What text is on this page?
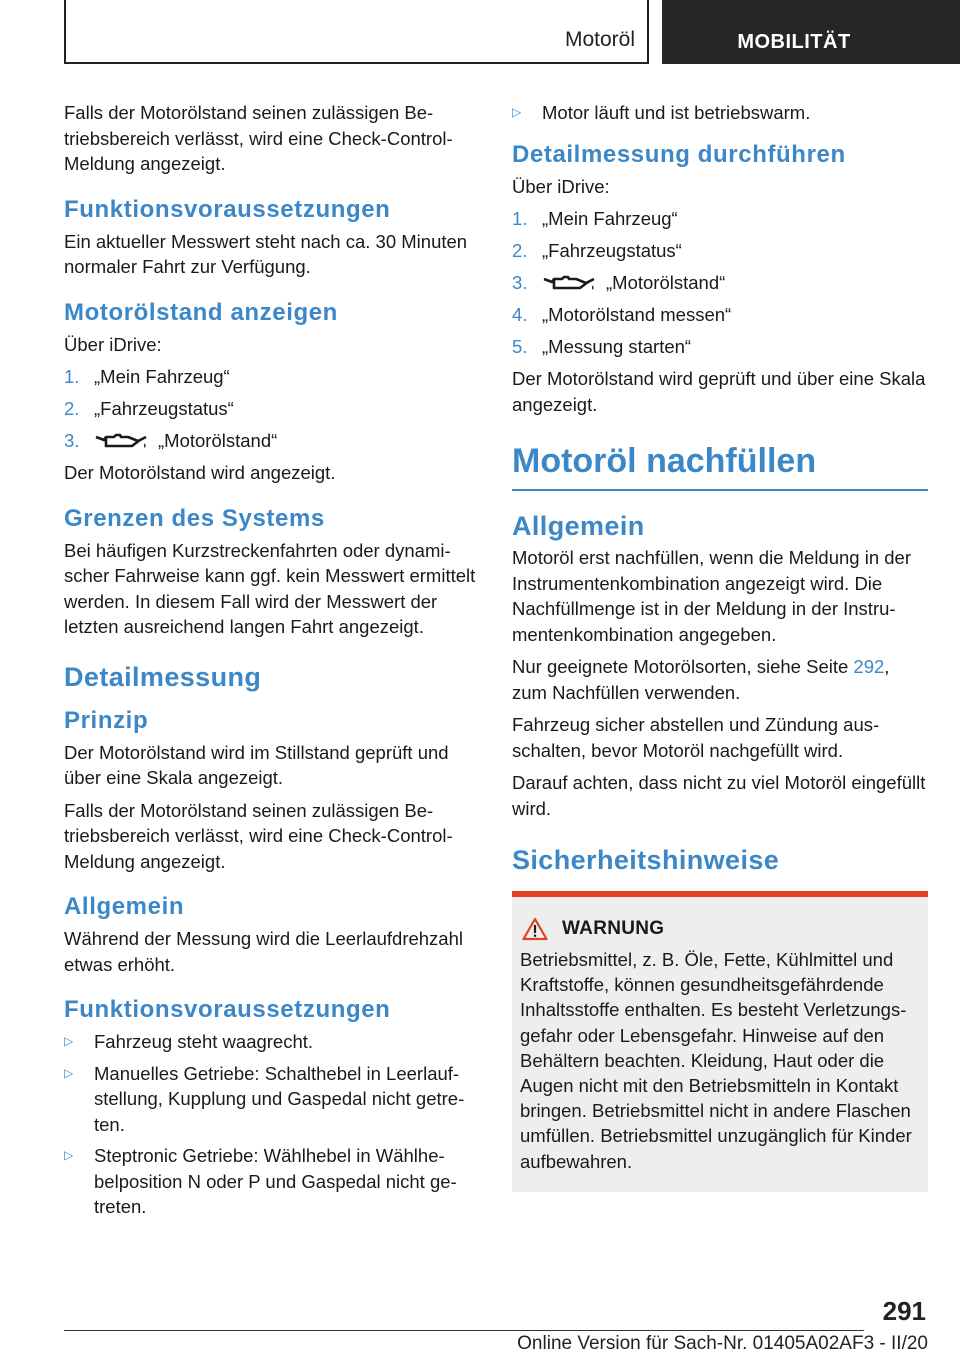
Motoröl	MOBILITÄT

Falls der Motorölstand seinen zulässigen Betriebsbereich verlässt, wird eine Check-Control-Meldung angezeigt.

Funktionsvoraussetzungen

Ein aktueller Messwert steht nach ca. 30 Minuten normaler Fahrt zur Verfügung.

Motorölstand anzeigen

Über iDrive:

1. „Mein Fahrzeug“
2. „Fahrzeugstatus“
3.	„Motorölstand“

Der Motorölstand wird angezeigt.

Grenzen des Systems

Bei häufigen Kurzstreckenfahrten oder dynamischer Fahrweise kann ggf. kein Messwert ermittelt werden. In diesem Fall wird der Messwert der letzten ausreichend langen Fahrt angezeigt.

Detailmessung
Prinzip

Der Motorölstand wird im Stillstand geprüft und über eine Skala angezeigt.

Falls der Motorölstand seinen zulässigen Betriebsbereich verlässt, wird eine Check-Control-Meldung angezeigt.

Allgemein

Während der Messung wird die Leerlaufdrehzahl etwas erhöht.

Funktionsvoraussetzungen
▷	Fahrzeug steht waagrecht.
▷	Manuelles Getriebe: Schalthebel in Leerlaufstellung, Kupplung und Gaspedal nicht getreten.
▷	Steptronic Getriebe: Wählhebel in Wählhebelposition N oder P und Gaspedal nicht getreten.
▷	Motor läuft und ist betriebswarm.
Detailmessung durchführen

Über iDrive:

1. „Mein Fahrzeug“
2. „Fahrzeugstatus“
3.	„Motorölstand“
4. „Motorölstand messen“
5. „Messung starten“

Der Motorölstand wird geprüft und über eine Skala angezeigt.

Motoröl nachfüllen
Allgemein

Motoröl erst nachfüllen, wenn die Meldung in der Instrumentenkombination angezeigt wird. Die Nachfüllmenge ist in der Meldung in der Instrumentenkombination angegeben.

Nur geeignete Motorölsorten, siehe Seite 292, zum Nachfüllen verwenden.

Fahrzeug sicher abstellen und Zündung ausschalten, bevor Motoröl nachgefüllt wird.

Darauf achten, dass nicht zu viel Motoröl eingefüllt wird.

Sicherheitshinweise
WARNUNG

Betriebsmittel, z. B. Öle, Fette, Kühlmittel und Kraftstoffe, können gesundheitsgefährdende Inhaltsstoffe enthalten. Es besteht Verletzungsgefahr oder Lebensgefahr. Hinweise auf den Behältern beachten. Kleidung, Haut oder die Augen nicht mit den Betriebsmitteln in Kontakt bringen. Betriebsmittel nicht in andere Flaschen umfüllen. Betriebsmittel unzugänglich für Kinder aufbewahren.

291
Online Version für Sach-Nr. 01405A02AF3 - II/20
